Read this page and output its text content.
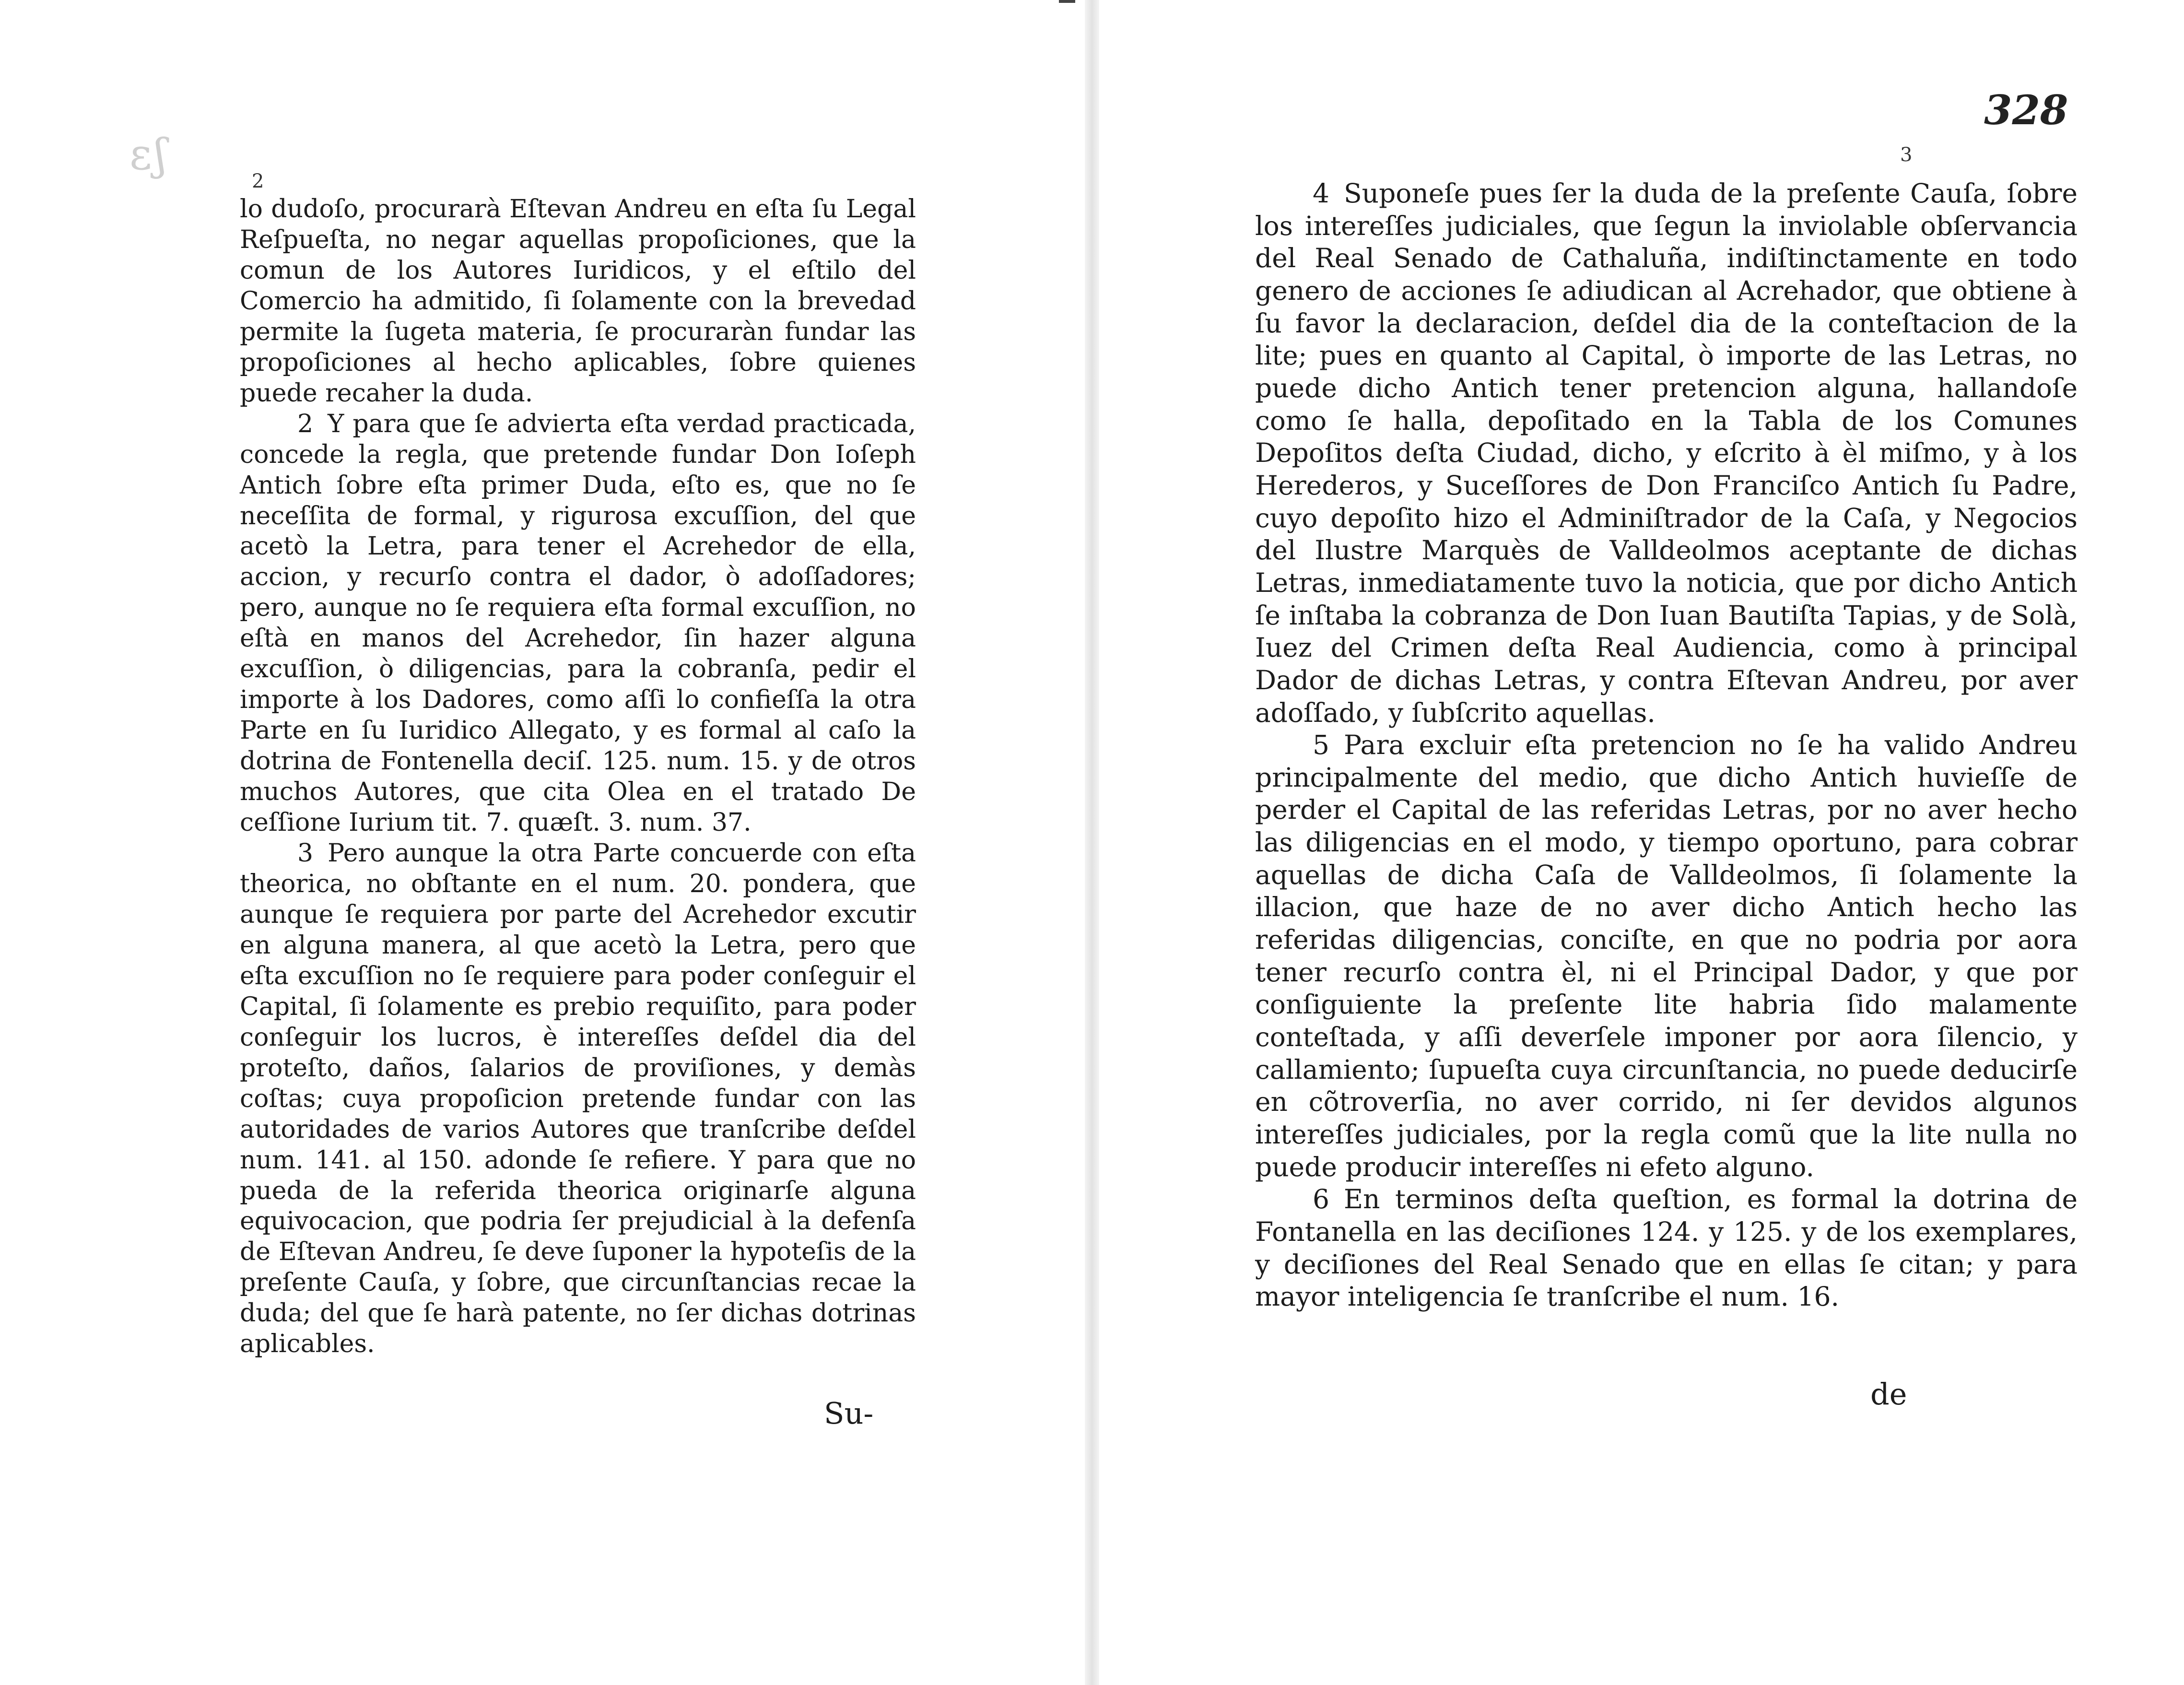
ɛʃ
2

lo dudoſo, procurarà Eſtevan Andreu en eſta ſu Legal Reſpueſta, no negar aquellas propoſiciones, que la comun de los Autores Iuridicos, y el eſtilo del Comercio ha admitido, ſi ſolamente con la brevedad permite la ſugeta materia, ſe procuraràn fundar las propoſiciones al hecho aplicables, ſobre quienes puede recaher la duda.

2 Y para que ſe advierta eſta verdad practicada, concede la regla, que pretende fundar Don Ioſeph Antich ſobre eſta primer Duda, eſto es, que no ſe neceſſita de formal, y rigurosa excuſſion, del que acetò la Letra, para tener el Acrehedor de ella, accion, y recurſo contra el dador, ò adoſſadores; pero, aunque no ſe requiera eſta formal excuſſion, no eſtà en manos del Acrehedor, ſin hazer alguna excuſſion, ò diligencias, para la cobranſa, pedir el importe à los Dadores, como aſſi lo confieſſa la otra Parte en ſu Iuridico Allegato, y es formal al caſo la dotrina de Fontenella deciſ. 125. num. 15. y de otros muchos Autores, que cita Olea en el tratado De ceſſione Iurium tit. 7. quæſt. 3. num. 37.

3 Pero aunque la otra Parte concuerde con eſta theorica, no obſtante en el num. 20. pondera, que aunque ſe requiera por parte del Acrehedor excutir en alguna manera, al que acetò la Letra, pero que eſta excuſſion no ſe requiere para poder conſeguir el Capital, ſi ſolamente es prebio requiſito, para poder conſeguir los lucros, è intereſſes deſdel dia del proteſto, daños, ſalarios de proviſiones, y demàs coſtas; cuya propoſicion pretende fundar con las autoridades de varios Autores que tranſcribe deſdel num. 141. al 150. adonde ſe refiere. Y para que no pueda de la referida theorica originarſe alguna equivocacion, que podria ſer prejudicial à la defenſa de Eſtevan Andreu, ſe deve ſuponer la hypoteſis de la preſente Cauſa, y ſobre, que circunſtancias recae la duda; del que ſe harà patente, no ſer dichas dotrinas aplicables.

Su-
328
3

4 Suponeſe pues ſer la duda de la preſente Cauſa, ſobre los intereſſes judiciales, que ſegun la inviolable obſervancia del Real Senado de Cathaluña, indiſtinctamente en todo genero de acciones ſe adiudican al Acrehador, que obtiene à ſu favor la declaracion, deſdel dia de la conteſtacion de la lite; pues en quanto al Capital, ò importe de las Letras, no puede dicho Antich tener pretencion alguna, hallandoſe como ſe halla, depoſitado en la Tabla de los Comunes Depoſitos deſta Ciudad, dicho, y eſcrito à èl miſmo, y à los Herederos, y Suceſſores de Don Franciſco Antich ſu Padre, cuyo depoſito hizo el Adminiſtrador de la Caſa, y Negocios del Ilustre Marquès de Valldeolmos aceptante de dichas Letras, inmediatamente tuvo la noticia, que por dicho Antich ſe inſtaba la cobranza de Don Iuan Bautiſta Tapias, y de Solà, Iuez del Crimen deſta Real Audiencia, como à principal Dador de dichas Letras, y contra Eſtevan Andreu, por aver adoſſado, y ſubſcrito aquellas.

5 Para excluir eſta pretencion no ſe ha valido Andreu principalmente del medio, que dicho Antich huvieſſe de perder el Capital de las referidas Letras, por no aver hecho las diligencias en el modo, y tiempo oportuno, para cobrar aquellas de dicha Caſa de Valldeolmos, ſi ſolamente la illacion, que haze de no aver dicho Antich hecho las referidas diligencias, conciſte, en que no podria por aora tener recurſo contra èl, ni el Principal Dador, y que por conſiguiente la preſente lite habria ſido malamente conteſtada, y aſſi deverſele imponer por aora ſilencio, y callamiento; ſupueſta cuya circunſtancia, no puede deducirſe en cõtroverſia, no aver corrido, ni ſer devidos algunos intereſſes judiciales, por la regla comũ que la lite nulla no puede producir intereſſes ni efeto alguno.

6 En terminos deſta queſtion, es formal la dotrina de Fontanella en las deciſiones 124. y 125. y de los exemplares, y deciſiones del Real Senado que en ellas ſe citan; y para mayor inteligencia ſe tranſcribe el num. 16.

de
